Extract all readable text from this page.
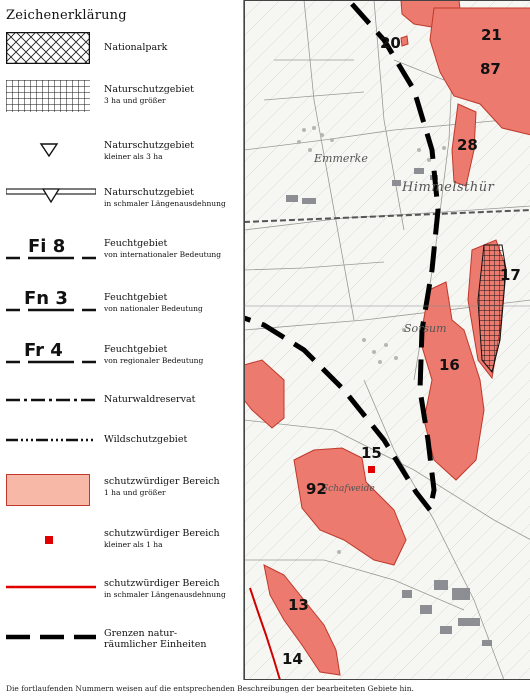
Zeichenerklärung
Nationalpark
Naturschutzgebiet
3 ha und größer
Naturschutzgebiet
kleiner als 3 ha
Naturschutzgebiet
in schmaler Längenausdehnung
Fi 8	Feuchtgebiet
von internationaler Bedeutung
Fn 3	Feuchtgebiet
von nationaler Bedeutung
Fr 4	Feuchtgebiet
von regionaler Bedeutung
Naturwaldreservat
Wildschutzgebiet
schutzwürdiger Bereich
1 ha und größer
schutzwürdiger Bereich
kleiner als 1 ha
schutzwürdiger Bereich
in schmaler Längenausdehnung
Grenzen natur-
räumlicher Einheiten
Emmerke
Himmelsthür
Sorsum
Schafweide
20	21
87
28
17
16
15
92
13
14
Die fortlaufenden Nummern weisen auf die entsprechenden Beschreibungen der bearbeiteten Gebiete hin.
